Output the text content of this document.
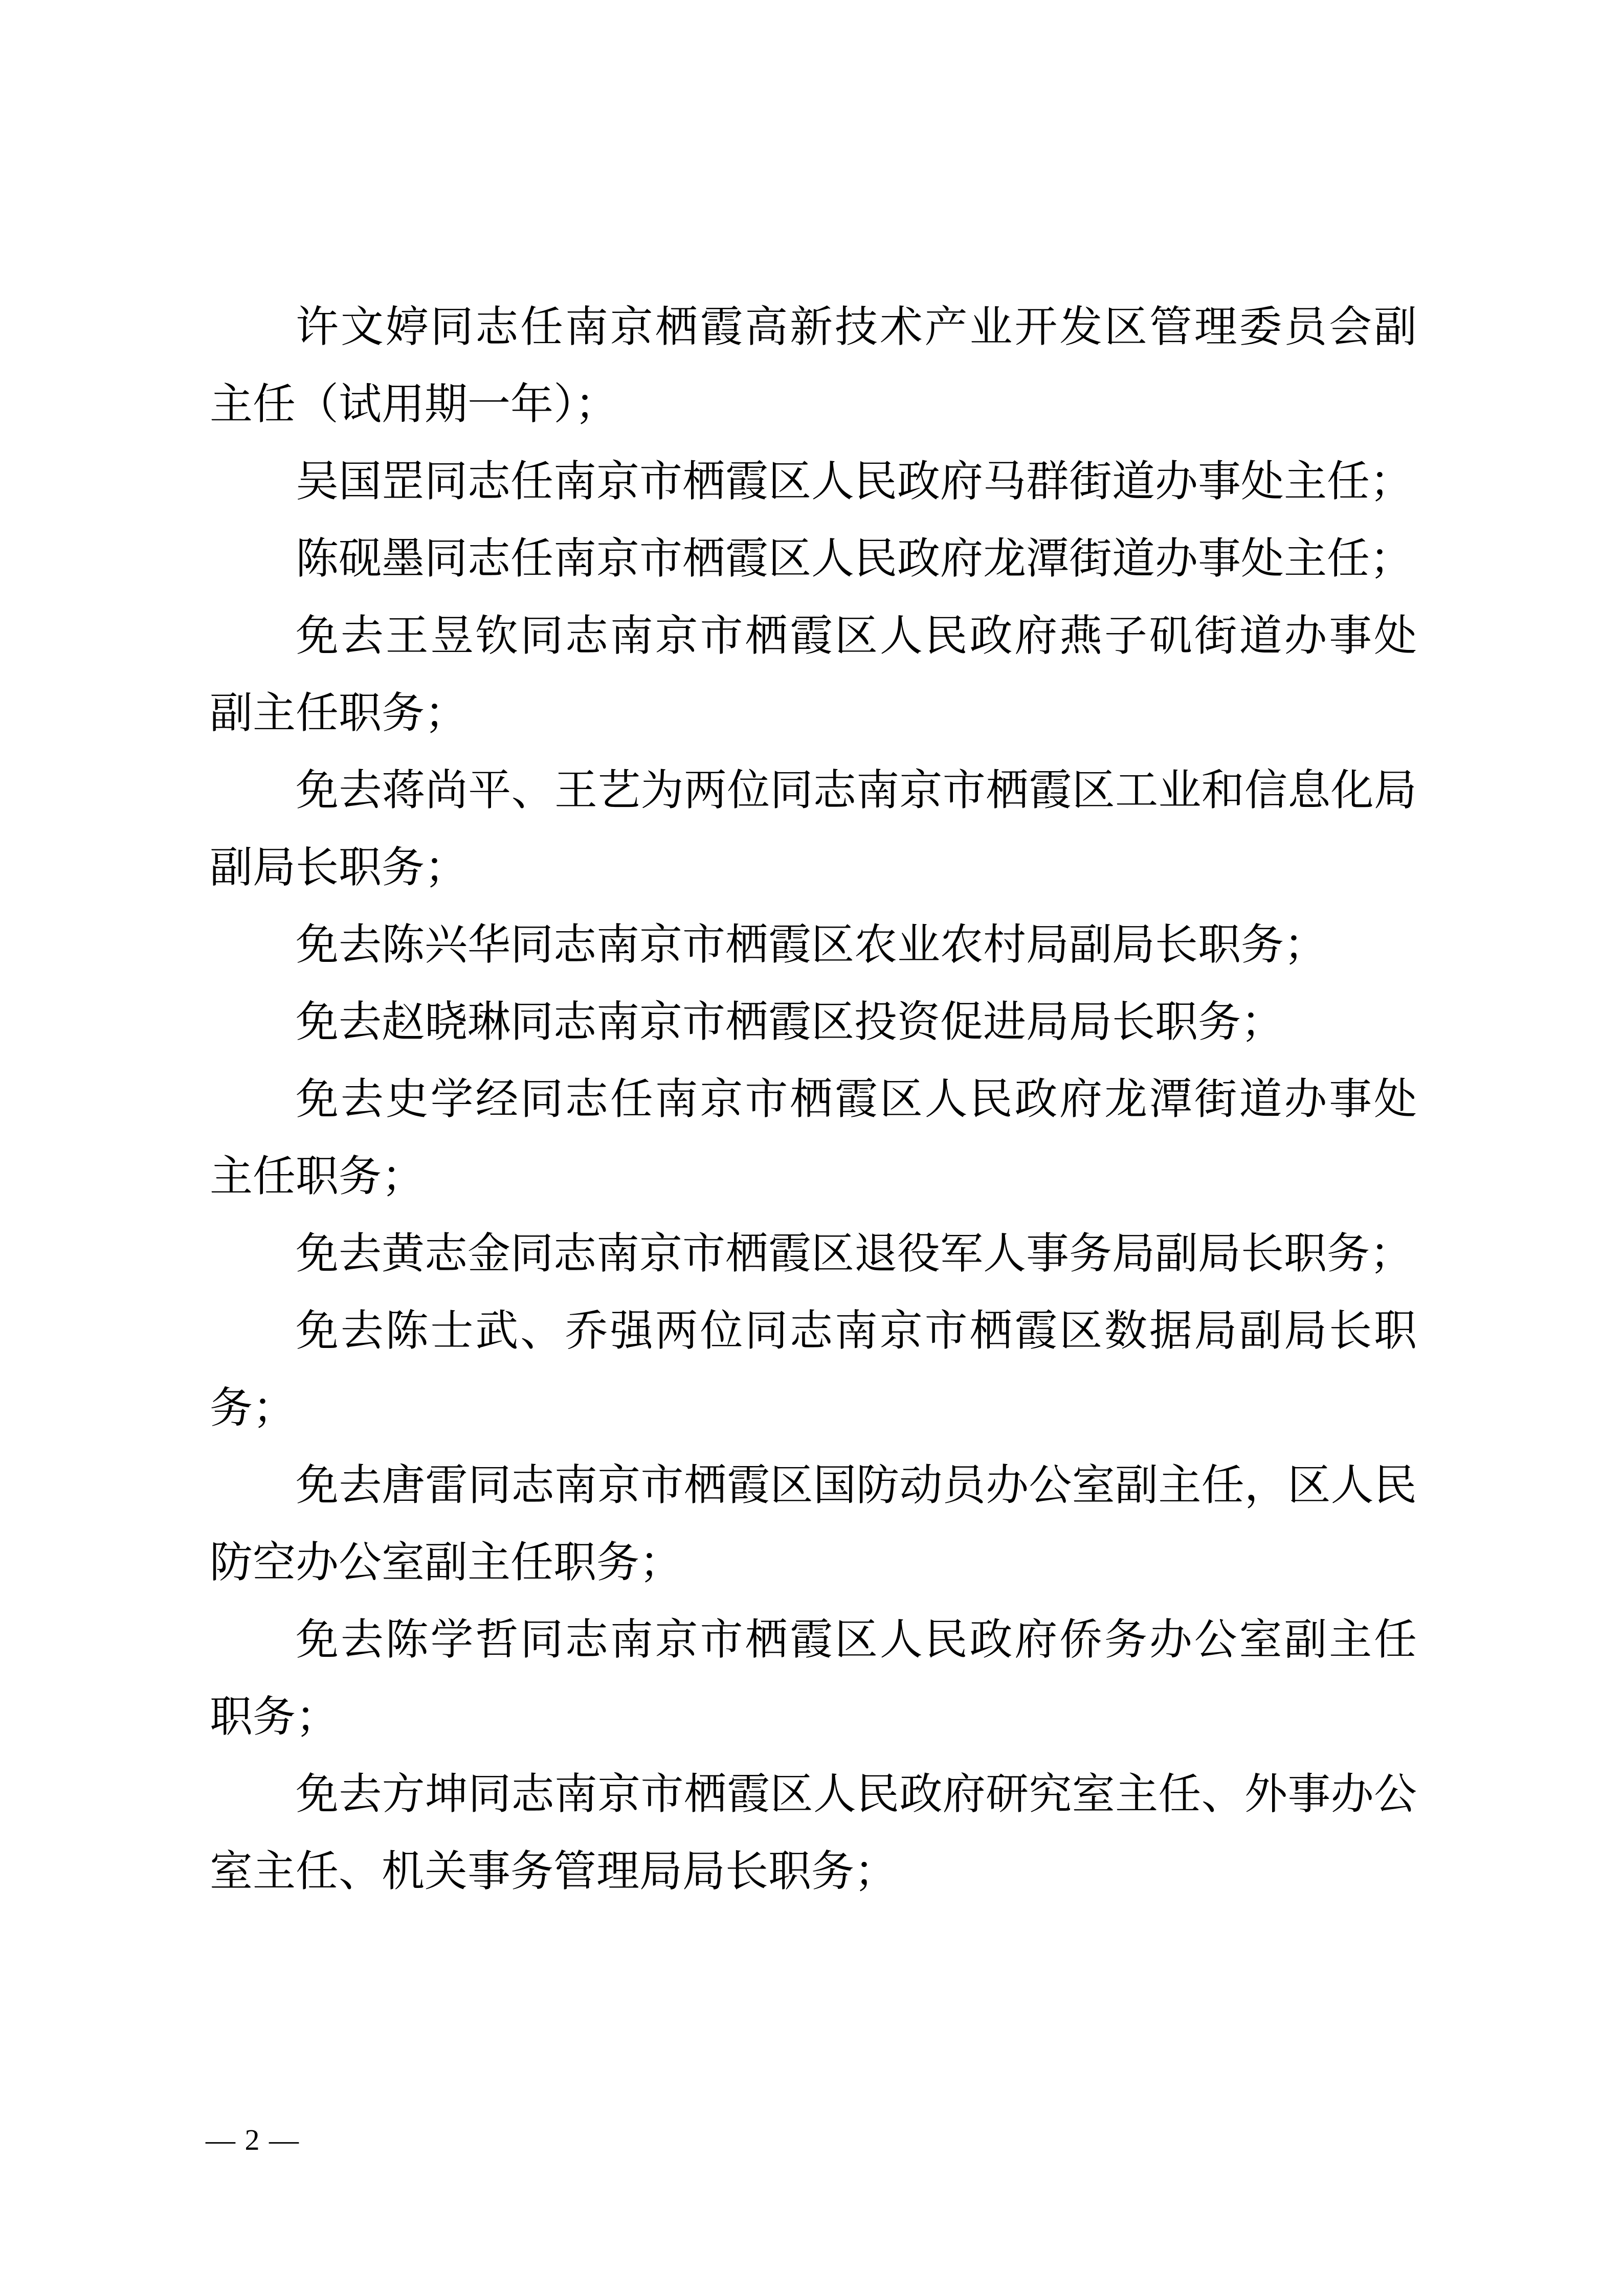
许文婷同志任南京栖霞高新技术产业开发区管理委员会副
主任（试用期一年）；
吴国罡同志任南京市栖霞区人民政府马群街道办事处主任；
陈砚墨同志任南京市栖霞区人民政府龙潭街道办事处主任；
免去王昱钦同志南京市栖霞区人民政府燕子矶街道办事处
副主任职务；
免去蒋尚平、王艺为两位同志南京市栖霞区工业和信息化局
副局长职务；
免去陈兴华同志南京市栖霞区农业农村局副局长职务；
免去赵晓琳同志南京市栖霞区投资促进局局长职务；
免去史学经同志任南京市栖霞区人民政府龙潭街道办事处
主任职务；
免去黄志金同志南京市栖霞区退役军人事务局副局长职务；
免去陈士武、乔强两位同志南京市栖霞区数据局副局长职
务；
免去唐雷同志南京市栖霞区国防动员办公室副主任，区人民
防空办公室副主任职务；
免去陈学哲同志南京市栖霞区人民政府侨务办公室副主任
职务；
免去方坤同志南京市栖霞区人民政府研究室主任、外事办公
室主任、机关事务管理局局长职务；
— 2 —
